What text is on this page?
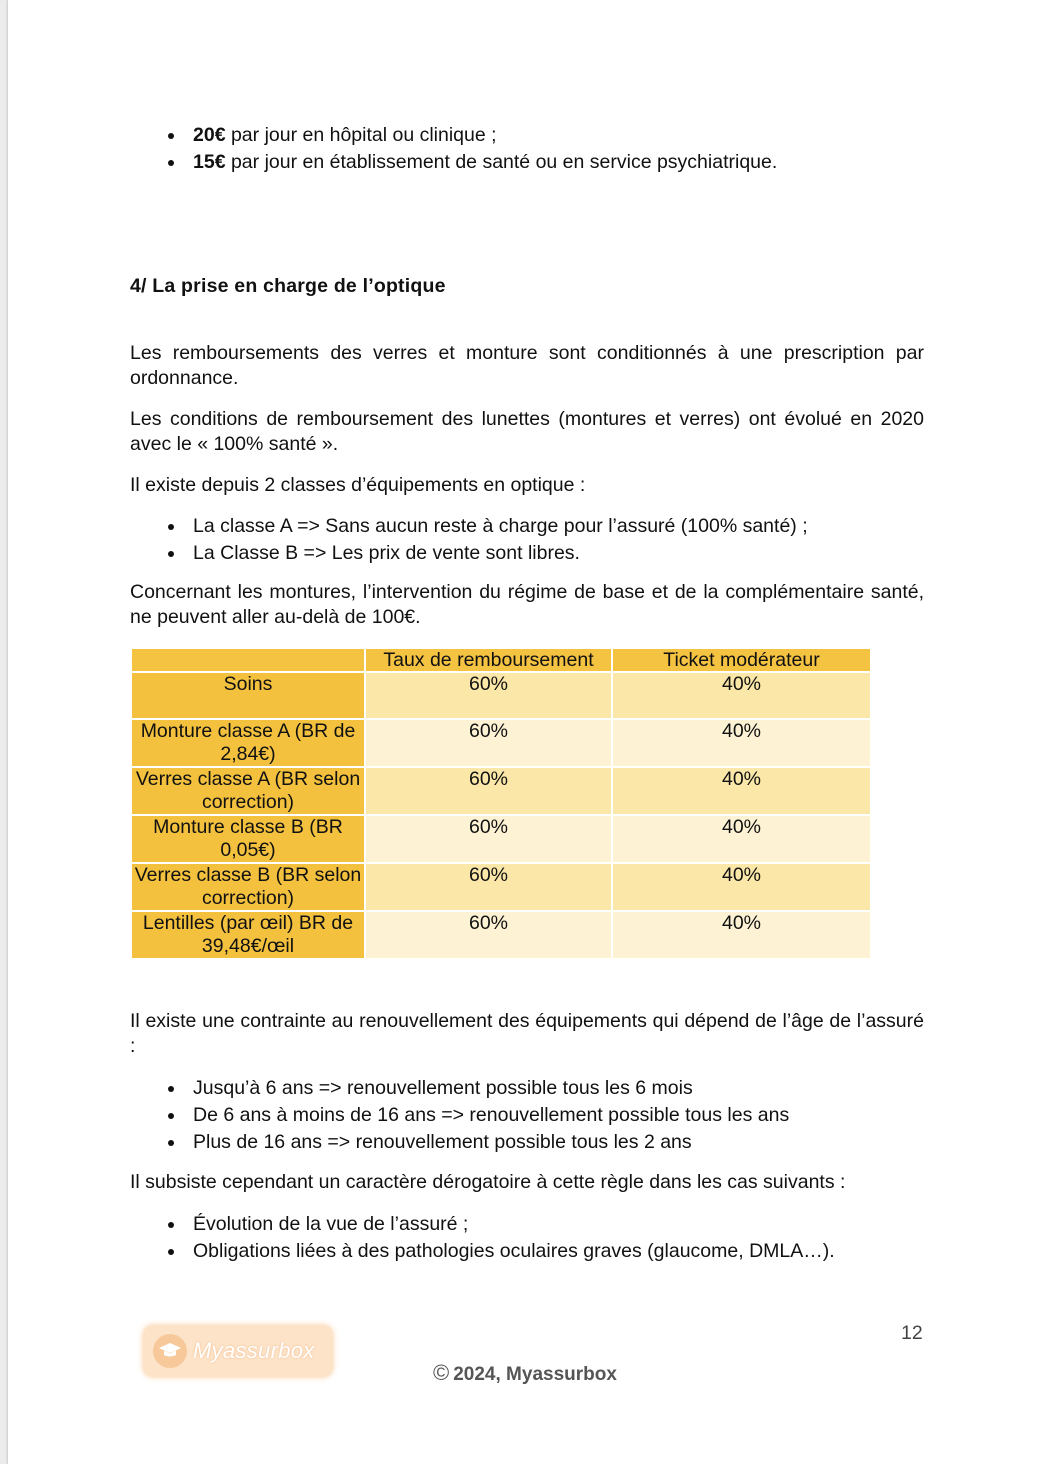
20€ par jour en hôpital ou clinique ;
15€ par jour en établissement de santé ou en service psychiatrique.
4/ La prise en charge de l’optique

Les remboursements des verres et monture sont conditionnés à une prescription par ordonnance.

Les conditions de remboursement des lunettes (montures et verres) ont évolué en 2020 avec le « 100% santé ».

Il existe depuis 2 classes d’équipements en optique :

La classe A => Sans aucun reste à charge pour l’assuré (100% santé) ;
La Classe B => Les prix de vente sont libres.

Concernant les montures, l’intervention du régime de base et de la complémentaire santé, ne peuvent aller au-delà de 100€.

	Taux de remboursement	Ticket modérateur
Soins	60%	40%
Monture classe A (BR de 2,84€)	60%	40%
Verres classe A (BR selon correction)	60%	40%
Monture classe B (BR 0,05€)	60%	40%
Verres classe B (BR selon correction)	60%	40%
Lentilles (par œil) BR de 39,48€/œil	60%	40%

Il existe une contrainte au renouvellement des équipements qui dépend de l’âge de l’assuré :

Jusqu’à 6 ans => renouvellement possible tous les 6 mois
De 6 ans à moins de 16 ans => renouvellement possible tous les ans
Plus de 16 ans => renouvellement possible tous les 2 ans

Il subsiste cependant un caractère dérogatoire à cette règle dans les cas suivants :

Évolution de la vue de l’assuré ;
Obligations liées à des pathologies oculaires graves (glaucome, DMLA…).
Myassurbox
12
© 2024, Myassurbox
